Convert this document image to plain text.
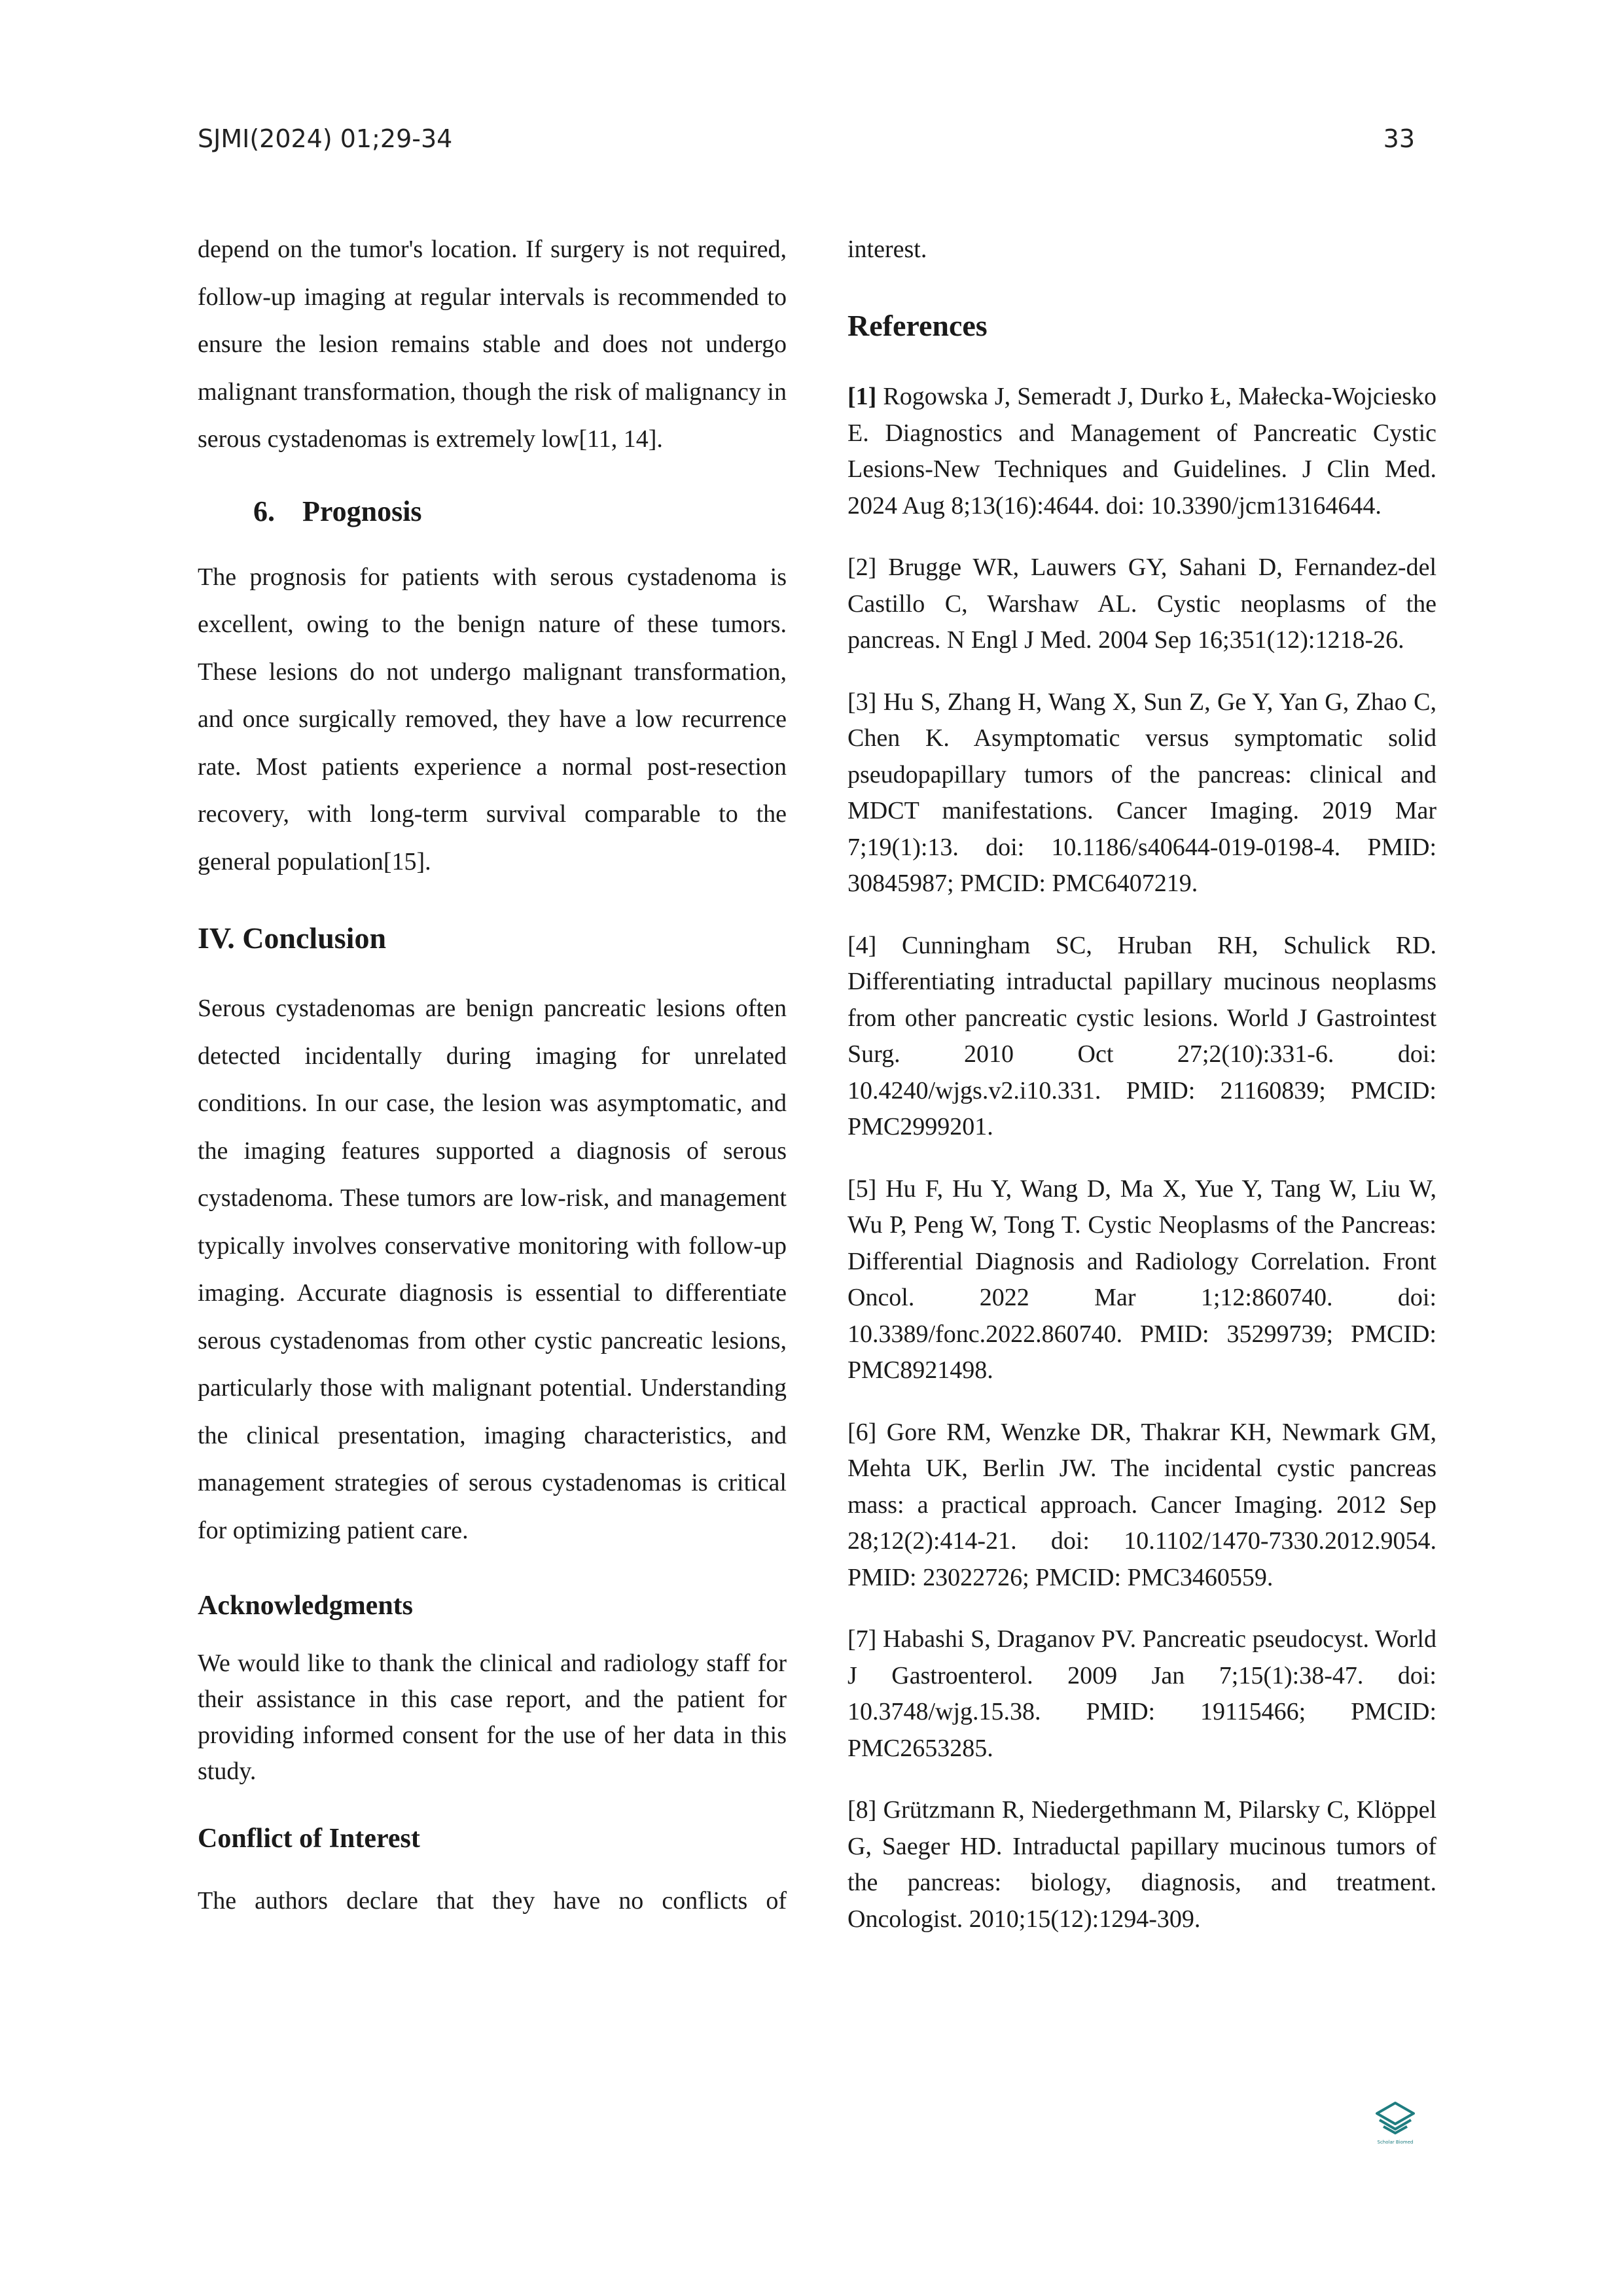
SJMI(2024) 01;29-34	33

depend on the tumor's location. If surgery is not required, follow-up imaging at regular intervals is recommended to ensure the lesion remains stable and does not undergo malignant transformation, though the risk of malignancy in serous cystadenomas is extremely low[11, 14].

6. Prognosis

The prognosis for patients with serous cystadenoma is excellent, owing to the benign nature of these tumors. These lesions do not undergo malignant transformation, and once surgically removed, they have a low recurrence rate. Most patients experience a normal post-resection recovery, with long-term survival comparable to the general population[15].

IV. Conclusion

Serous cystadenomas are benign pancreatic lesions often detected incidentally during imaging for unrelated conditions. In our case, the lesion was asymptomatic, and the imaging features supported a diagnosis of serous cystadenoma. These tumors are low-risk, and management typically involves conservative monitoring with follow-up imaging. Accurate diagnosis is essential to differentiate serous cystadenomas from other cystic pancreatic lesions, particularly those with malignant potential. Understanding the clinical presentation, imaging characteristics, and management strategies of serous cystadenomas is critical for optimizing patient care.

Acknowledgments

We would like to thank the clinical and radiology staff for their assistance in this case report, and the patient for providing informed consent for the use of her data in this study.

Conflict of Interest

The authors declare that they have no conflicts of

interest.

References

[1] Rogowska J, Semeradt J, Durko Ł, Małecka-Wojciesko E. Diagnostics and Management of Pancreatic Cystic Lesions-New Techniques and Guidelines. J Clin Med. 2024 Aug 8;13(16):4644. doi: 10.3390/jcm13164644.

[2] Brugge WR, Lauwers GY, Sahani D, Fernandez-del Castillo C, Warshaw AL. Cystic neoplasms of the pancreas. N Engl J Med. 2004 Sep 16;351(12):1218-26.

[3] Hu S, Zhang H, Wang X, Sun Z, Ge Y, Yan G, Zhao C, Chen K. Asymptomatic versus symptomatic solid pseudopapillary tumors of the pancreas: clinical and MDCT manifestations. Cancer Imaging. 2019 Mar 7;19(1):13. doi: 10.1186/s40644-019-0198-4. PMID: 30845987; PMCID: PMC6407219.

[4] Cunningham SC, Hruban RH, Schulick RD. Differentiating intraductal papillary mucinous neoplasms from other pancreatic cystic lesions. World J Gastrointest Surg. 2010 Oct 27;2(10):331-6. doi: 10.4240/wjgs.v2.i10.331. PMID: 21160839; PMCID: PMC2999201.

[5] Hu F, Hu Y, Wang D, Ma X, Yue Y, Tang W, Liu W, Wu P, Peng W, Tong T. Cystic Neoplasms of the Pancreas: Differential Diagnosis and Radiology Correlation. Front Oncol. 2022 Mar 1;12:860740. doi: 10.3389/fonc.2022.860740. PMID: 35299739; PMCID: PMC8921498.

[6] Gore RM, Wenzke DR, Thakrar KH, Newmark GM, Mehta UK, Berlin JW. The incidental cystic pancreas mass: a practical approach. Cancer Imaging. 2012 Sep 28;12(2):414-21. doi: 10.1102/1470-7330.2012.9054. PMID: 23022726; PMCID: PMC3460559.

[7] Habashi S, Draganov PV. Pancreatic pseudocyst. World J Gastroenterol. 2009 Jan 7;15(1):38-47. doi: 10.3748/wjg.15.38. PMID: 19115466; PMCID: PMC2653285.

[8] Grützmann R, Niedergethmann M, Pilarsky C, Klöppel G, Saeger HD. Intraductal papillary mucinous tumors of the pancreas: biology, diagnosis, and treatment. Oncologist. 2010;15(12):1294-309.

Scholar Biomed
